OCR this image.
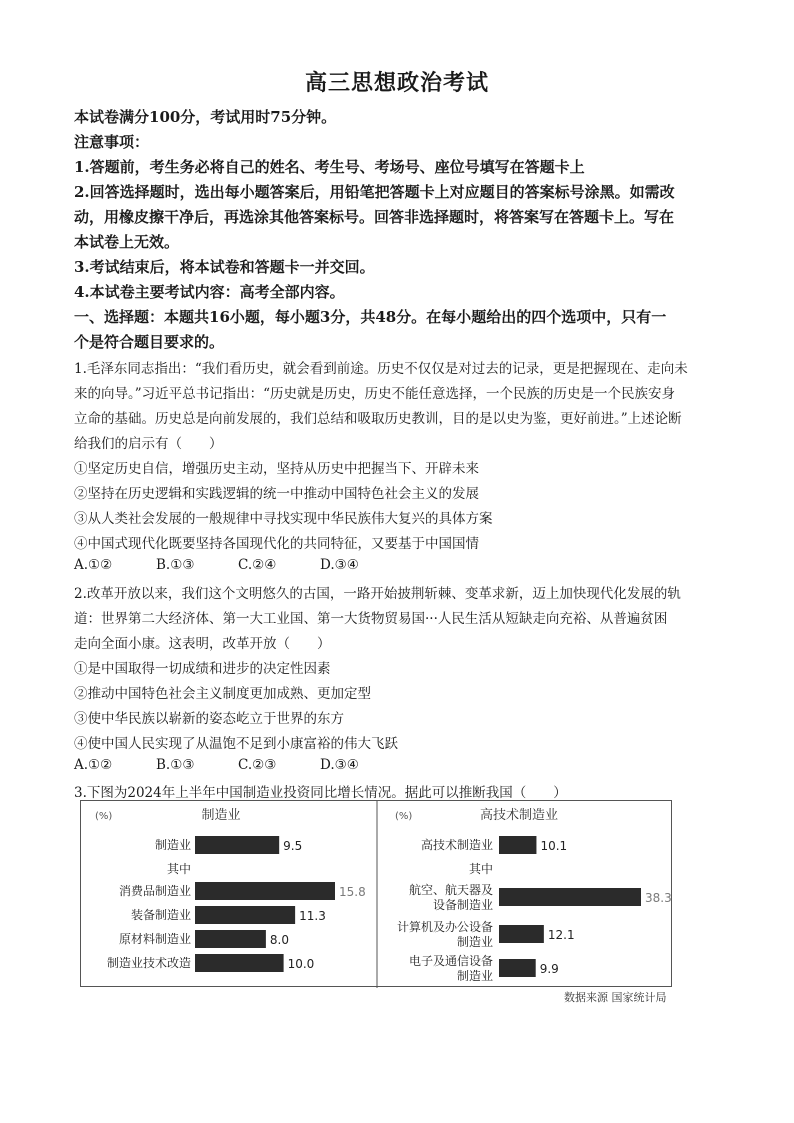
高三思想政治考试
本试卷满分100分，考试用时75分钟。
注意事项：
1.答题前，考生务必将自己的姓名、考生号、考场号、座位号填写在答题卡上
2.回答选择题时，选出每小题答案后，用铅笔把答题卡上对应题目的答案标号涂黑。如需改
动，用橡皮擦干净后，再选涂其他答案标号。回答非选择题时，将答案写在答题卡上。写在
本试卷上无效。
3.考试结束后，将本试卷和答题卡一并交回。
4.本试卷主要考试内容：高考全部内容。
一、选择题：本题共16小题，每小题3分，共48分。在每小题给出的四个选项中，只有一
个是符合题目要求的。
1.毛泽东同志指出：“我们看历史，就会看到前途。历史不仅仅是对过去的记录，更是把握现在、走向未
来的向导。”习近平总书记指出：“历史就是历史，历史不能任意选择，一个民族的历史是一个民族安身
立命的基础。历史总是向前发展的，我们总结和吸取历史教训，目的是以史为鉴，更好前进。”上述论断
给我们的启示有（　　）
①坚定历史自信，增强历史主动，坚持从历史中把握当下、开辟未来
②坚持在历史逻辑和实践逻辑的统一中推动中国特色社会主义的发展
③从人类社会发展的一般规律中寻找实现中华民族伟大复兴的具体方案
④中国式现代化既要坚持各国现代化的共同特征，又要基于中国国情
A.①②	B.①③	C.②④	D.③④
2.改革开放以来，我们这个文明悠久的古国，一路开始披荆斩棘、变革求新，迈上加快现代化发展的轨
道：世界第二大经济体、第一大工业国、第一大货物贸易国···人民生活从短缺走向充裕、从普遍贫困
走向全面小康。这表明，改革开放（　　）
①是中国取得一切成绩和进步的决定性因素
②推动中国特色社会主义制度更加成熟、更加定型
③使中华民族以崭新的姿态屹立于世界的东方
④使中国人民实现了从温饱不足到小康富裕的伟大飞跃
A.①②	B.①③	C.②③	D.③④
3.下图为2024年上半年中国制造业投资同比增长情况。据此可以推断我国（　　）
(%)	制造业
制造业	9.5
其中
消费品制造业	15.8
装备制造业	11.3
原材料制造业	8.0
制造业技术改造	10.0
(%)	高技术制造业
高技术制造业	10.1
其中
航空、航天器及
设备制造业	38.3
计算机及办公设备
制造业	12.1
电子及通信设备
制造业	9.9
数据来源 国家统计局
